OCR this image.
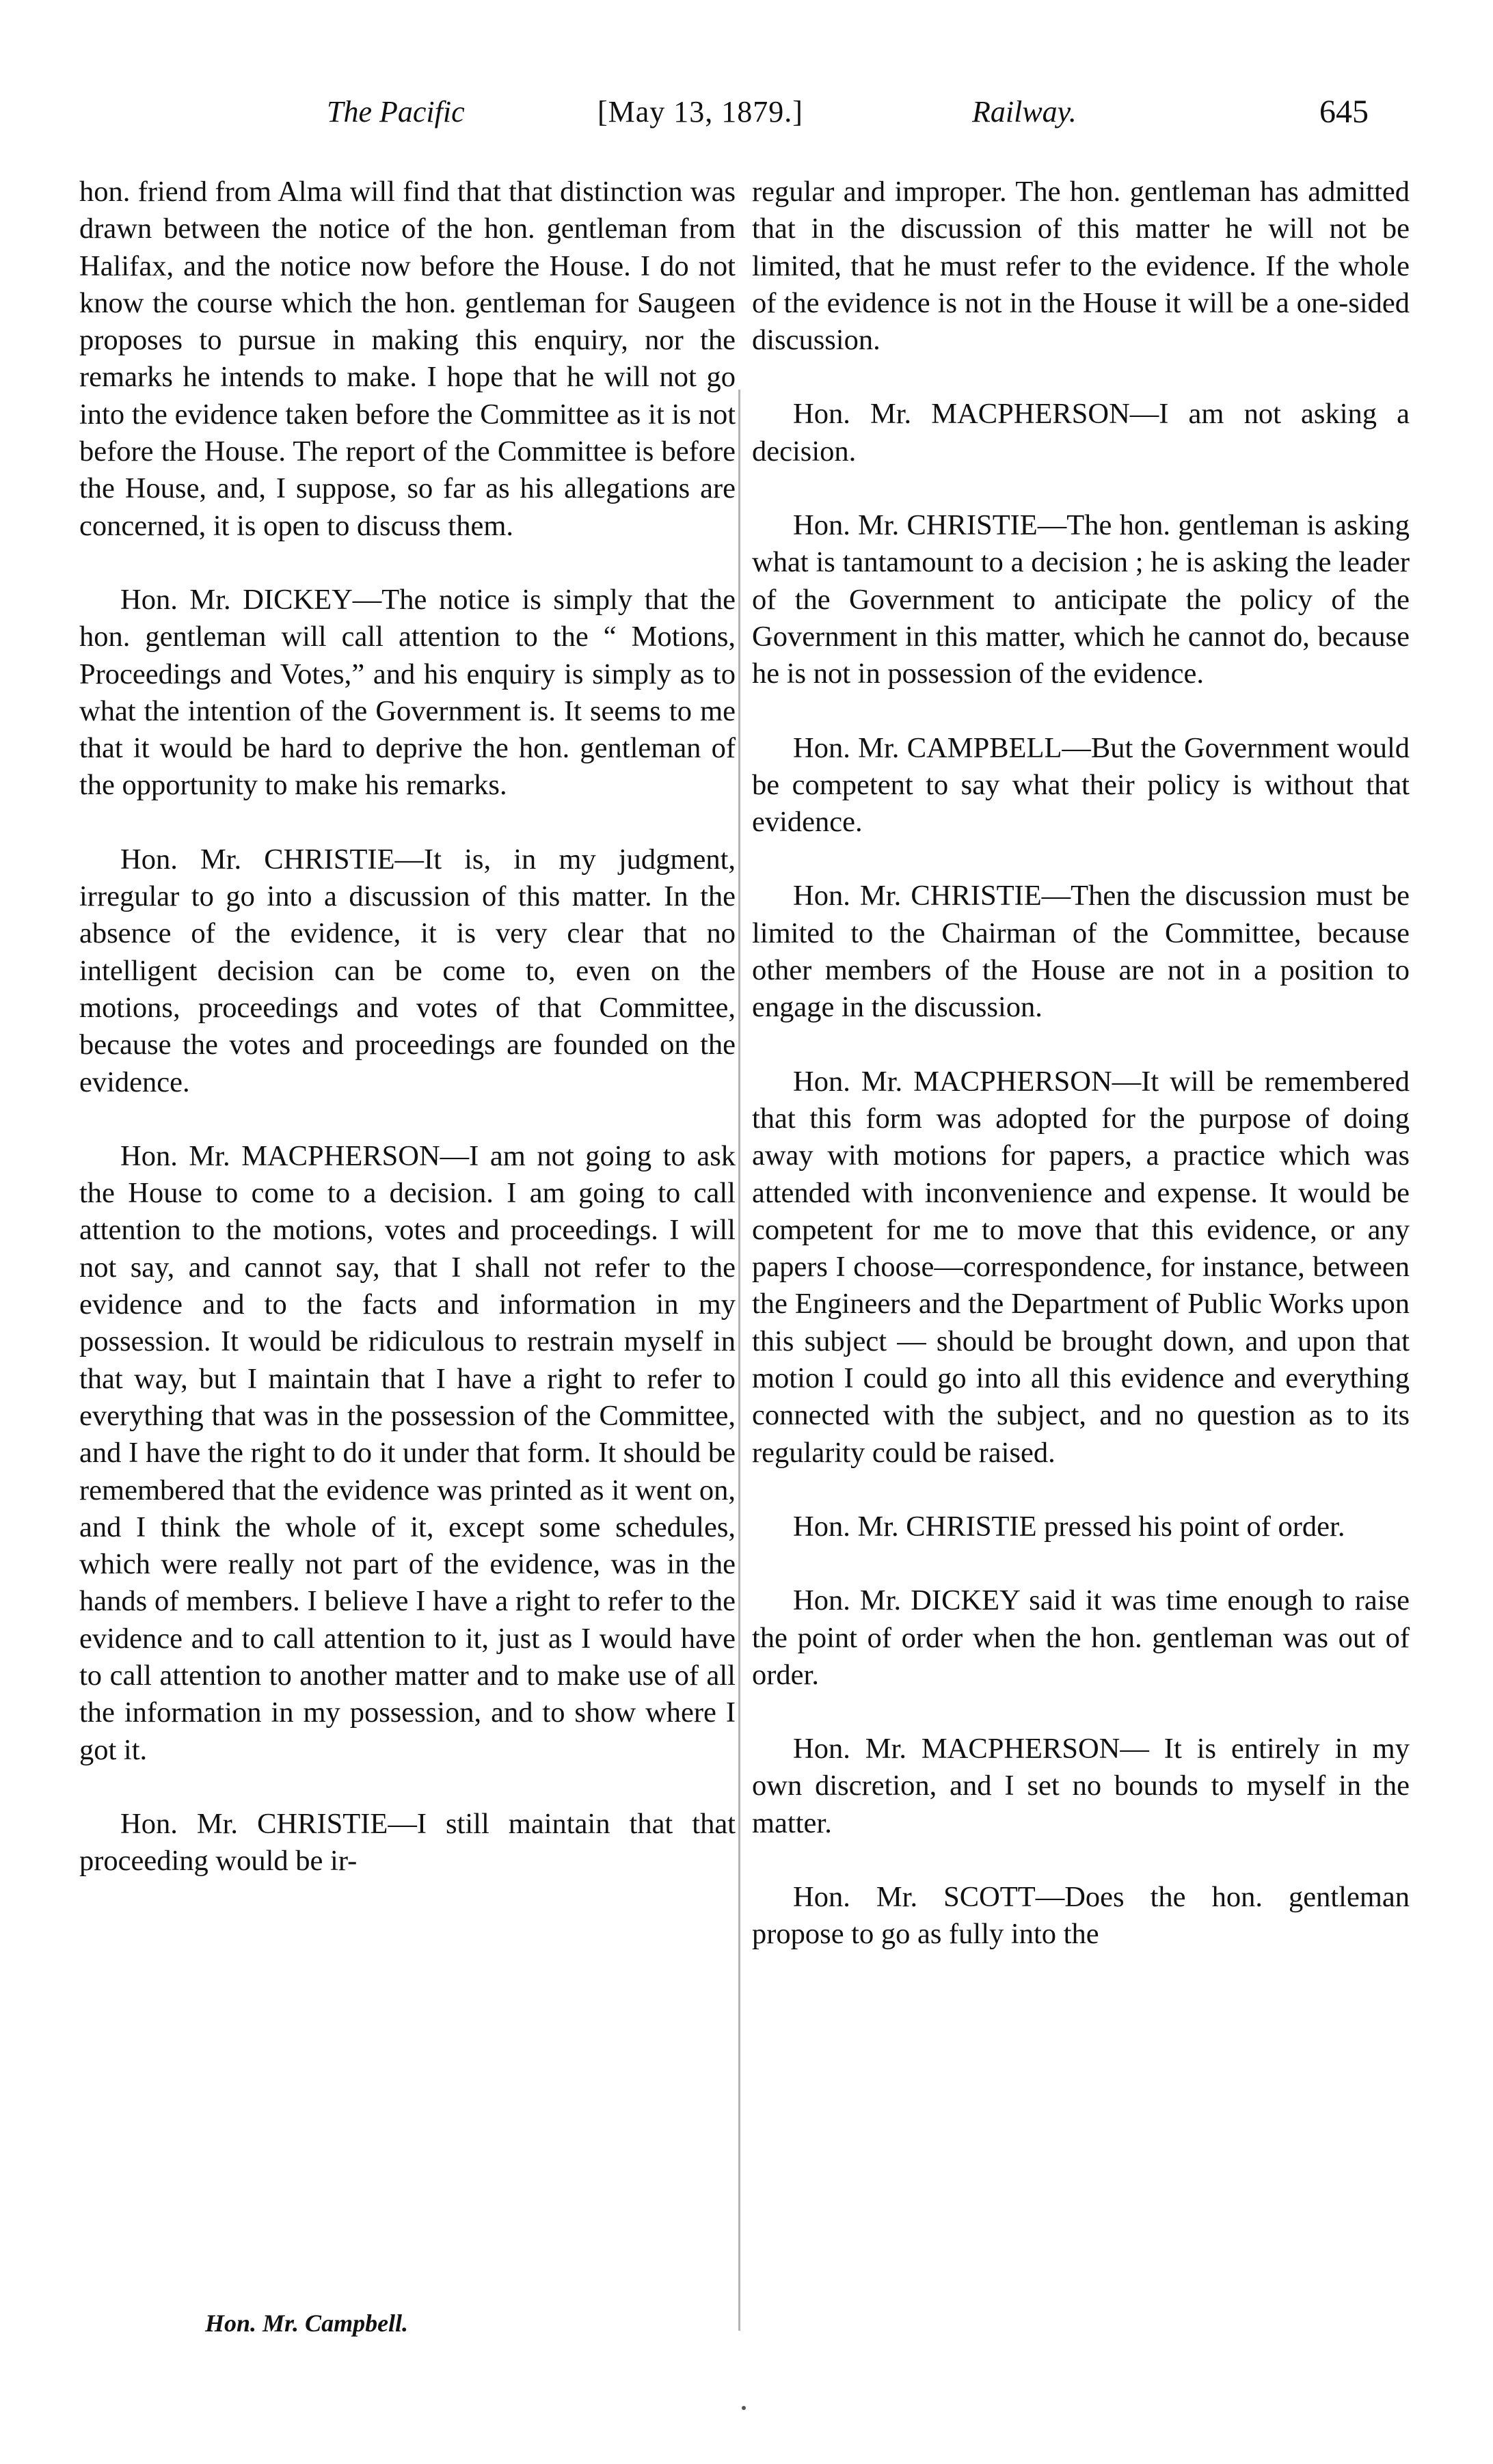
The Pacific	[May 13, 1879.]	Railway.	645

hon. friend from Alma will find that that distinction was drawn between the notice of the hon. gentleman from Halifax, and the notice now before the House. I do not know the course which the hon. gentleman for Saugeen proposes to pursue in making this enquiry, nor the remarks he intends to make. I hope that he will not go into the evidence taken before the Committee as it is not before the House. The report of the Committee is before the House, and, I suppose, so far as his allegations are concerned, it is open to discuss them.

Hon. Mr. DICKEY—The notice is simply that the hon. gentleman will call attention to the “ Motions, Proceedings and Votes,” and his enquiry is simply as to what the intention of the Government is. It seems to me that it would be hard to deprive the hon. gentleman of the opportunity to make his remarks.

Hon. Mr. CHRISTIE—It is, in my judgment, irregular to go into a discussion of this matter. In the absence of the evidence, it is very clear that no intelligent decision can be come to, even on the motions, proceedings and votes of that Committee, because the votes and proceedings are founded on the evidence.

Hon. Mr. MACPHERSON—I am not going to ask the House to come to a decision. I am going to call attention to the motions, votes and proceedings. I will not say, and cannot say, that I shall not refer to the evidence and to the facts and information in my possession. It would be ridiculous to restrain myself in that way, but I maintain that I have a right to refer to everything that was in the possession of the Committee, and I have the right to do it under that form. It should be remembered that the evidence was printed as it went on, and I think the whole of it, except some schedules, which were really not part of the evidence, was in the hands of members. I believe I have a right to refer to the evidence and to call attention to it, just as I would have to call attention to another matter and to make use of all the information in my possession, and to show where I got it.

Hon. Mr. CHRISTIE—I still maintain that that proceeding would be ir-

regular and improper. The hon. gentleman has admitted that in the discussion of this matter he will not be limited, that he must refer to the evidence. If the whole of the evidence is not in the House it will be a one-sided discussion.

Hon. Mr. MACPHERSON—I am not asking a decision.

Hon. Mr. CHRISTIE—The hon. gentleman is asking what is tantamount to a decision ; he is asking the leader of the Government to anticipate the policy of the Government in this matter, which he cannot do, because he is not in possession of the evidence.

Hon. Mr. CAMPBELL—But the Government would be competent to say what their policy is without that evidence.

Hon. Mr. CHRISTIE—Then the discussion must be limited to the Chairman of the Committee, because other members of the House are not in a position to engage in the discussion.

Hon. Mr. MACPHERSON—It will be remembered that this form was adopted for the purpose of doing away with motions for papers, a practice which was attended with inconvenience and expense. It would be competent for me to move that this evidence, or any papers I choose—correspondence, for instance, between the Engineers and the Department of Public Works upon this subject — should be brought down, and upon that motion I could go into all this evidence and everything connected with the subject, and no question as to its regularity could be raised.

Hon. Mr. CHRISTIE pressed his point of order.

Hon. Mr. DICKEY said it was time enough to raise the point of order when the hon. gentleman was out of order.

Hon. Mr. MACPHERSON— It is entirely in my own discretion, and I set no bounds to myself in the matter.

Hon. Mr. SCOTT—Does the hon. gentleman propose to go as fully into the

Hon. Mr. Campbell.
